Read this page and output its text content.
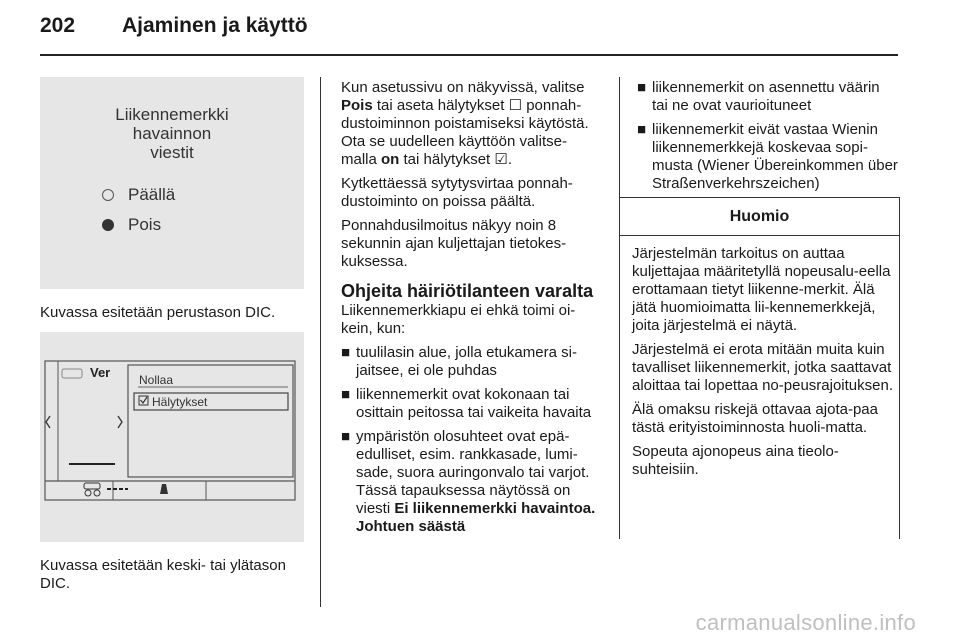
202 Ajaminen ja käyttö
Liikennemerkki
havainnon
viestit
Päällä
Pois
Kuvassa esitetään perustason DIC.
Ver Nollaa
Hälytykset
Kuvassa esitetään keski- tai ylätason DIC.

Kun asetussivu on näkyvissä, valitse
Pois tai aseta hälytykset ☐ ponnah-
dustoiminnon poistamiseksi käytöstä.
Ota se uudelleen käyttöön valitse-
malla on tai hälytykset ☑.

Kytkettäessä sytytysvirtaa ponnah-dustoiminto on poissa päältä.

Ponnahdusilmoitus näkyy noin 8 sekunnin ajan kuljettajan tietokes-kuksessa.

Ohjeita häiriötilanteen varalta

Liikennemerkkiapu ei ehkä toimi oi-kein, kun:

■ tuulilasin alue, jolla etukamera si-jaitsee, ei ole puhdas
■ liikennemerkit ovat kokonaan tai osittain peitossa tai vaikeita havaita
■ ympäristön olosuhteet ovat epä-edulliset, esim. rankkasade, lumi-sade, suora auringonvalo tai varjot. Tässä tapauksessa näytössä on viesti Ei liikennemerkki havaintoa. Johtuen säästä
■ liikennemerkit on asennettu väärin tai ne ovat vaurioituneet
■ liikennemerkit eivät vastaa Wienin liikennemerkkejä koskevaa sopi-musta (Wiener Übereinkommen über Straßenverkehrszeichen)
Huomio

Järjestelmän tarkoitus on auttaa kuljettajaa määritetyllä nopeusalu-eella erottamaan tietyt liikenne-merkit. Älä jätä huomioimatta lii-kennemerkkejä, joita järjestelmä ei näytä.

Järjestelmä ei erota mitään muita kuin tavalliset liikennemerkit, jotka saattavat aloittaa tai lopettaa no-peusrajoituksen.

Älä omaksu riskejä ottavaa ajota-paa tästä erityistoiminnosta huoli-matta.

Sopeuta ajonopeus aina tieolo-suhteisiin.

carmanualsonline.info
